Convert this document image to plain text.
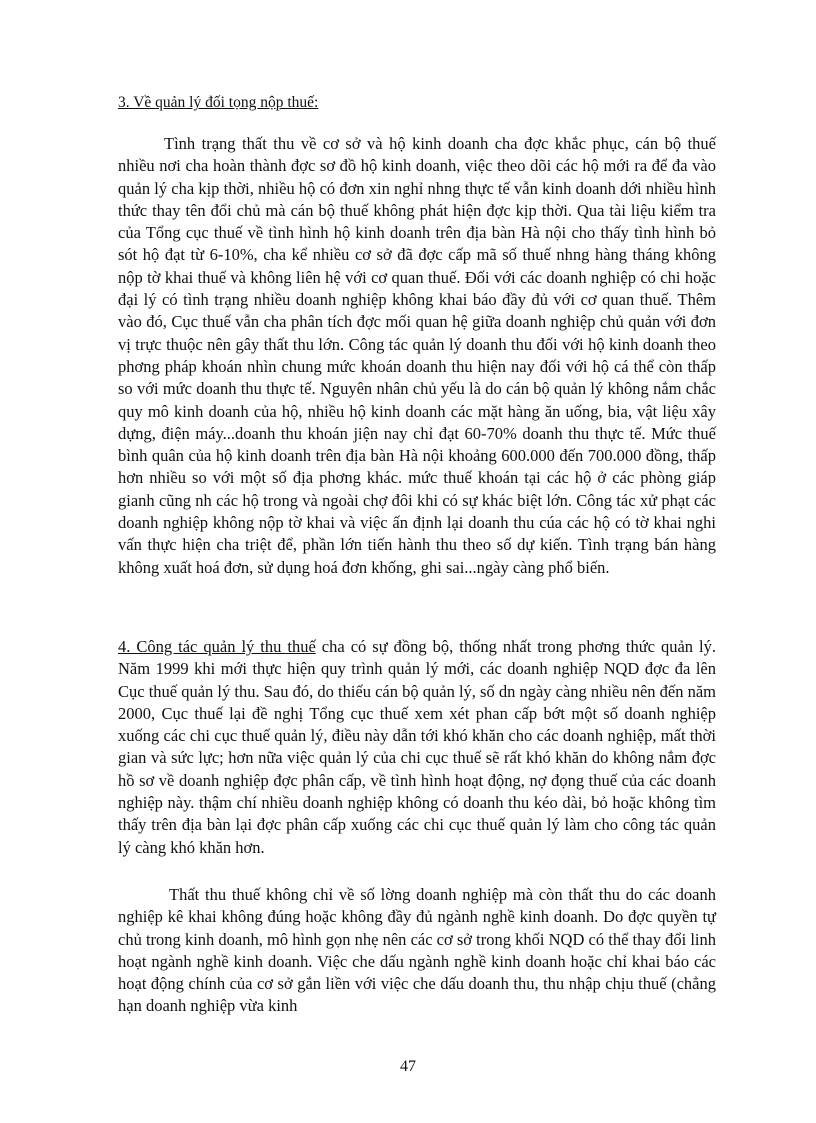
3. Về quản lý đối tọng nộp thuế:
Tình trạng thất thu về cơ sở và hộ kinh doanh cha đợc khắc phục, cán bộ thuế nhiều nơi cha hoàn thành đợc sơ đồ hộ kinh doanh, việc theo dõi các hộ mới ra để đa vào quản lý cha kịp thời, nhiều hộ có đơn xin nghỉ nhng thực tế vẫn kinh doanh dới nhiều hình thức thay tên đổi chủ mà cán bộ thuế không phát hiện đợc kịp thời. Qua tài liệu kiểm tra của Tổng cục thuế về tình hình hộ kinh doanh trên địa bàn Hà nội cho thấy tình hình bỏ sót hộ đạt từ 6-10%, cha kể nhiều cơ sở đã đợc cấp mã số thuế nhng hàng tháng không nộp tờ khai thuế và không liên hệ với cơ quan thuế. Đối với các doanh nghiệp có chi hoặc đại lý có tình trạng nhiều doanh nghiệp không khai báo đầy đủ với cơ quan thuế. Thêm vào đó, Cục thuế vẫn cha phân tích đợc mối quan hệ giữa doanh nghiệp chủ quản với đơn vị trực thuộc nên gây thất thu lớn. Công tác quản lý doanh thu đối với hộ kinh doanh theo phơng pháp khoán nhìn chung mức khoán doanh thu hiện nay đối với hộ cá thể còn thấp so với mức doanh thu thực tế. Nguyên nhân chủ yếu là do cán bộ quản lý không nắm chắc quy mô kinh doanh của hộ, nhiều hộ kinh doanh các mặt hàng ăn uống, bia, vật liệu xây dựng, điện máy...doanh thu khoán jiện nay chỉ đạt 60-70% doanh thu thực tế. Mức thuế bình quân của hộ kinh doanh trên địa bàn Hà nội khoảng 600.000 đến 700.000 đồng, thấp hơn nhiều so với một số địa phơng khác. mức thuế khoán tại các hộ ở các phòng giáp gianh cũng nh các hộ trong và ngoài chợ đôi khi có sự khác biệt lớn. Công tác xử phạt các doanh nghiệp không nộp tờ khai và việc ấn định lại doanh thu cúa các hộ có tờ khai nghi vấn thực hiện cha triệt để, phần lớn tiến hành thu theo số dự kiến. Tình trạng bán hàng không xuất hoá đơn, sử dụng hoá đơn khống, ghi sai...ngày càng phổ biến.
4. Công tác quản lý thu thuế cha có sự đồng bộ, thống nhất trong phơng thức quản lý. Năm 1999 khi mới thực hiện quy trình quản lý mới, các doanh nghiệp NQD đợc đa lên Cục thuế quản lý thu. Sau đó, do thiếu cán bộ quản lý, số dn ngày càng nhiều nên đến năm 2000, Cục thuế lại đề nghị Tổng cục thuế xem xét phan cấp bớt một số doanh nghiệp xuống các chi cục thuế quản lý, điều này dẫn tới khó khăn cho các doanh nghiệp, mất thời gian và sức lực; hơn nữa việc quản lý của chi cục thuế sẽ rất khó khăn do không nắm đợc hồ sơ về doanh nghiệp đợc phân cấp, về tình hình hoạt động, nợ đọng thuế của các doanh nghiệp này. thậm chí nhiều doanh nghiệp không có doanh thu kéo dài, bỏ hoặc không tìm thấy trên địa bàn lại đợc phân cấp xuống các chi cục thuế quản lý làm cho công tác quản lý càng khó khăn hơn.
Thất thu thuế không chỉ về số lờng doanh nghiệp mà còn thất thu do các doanh nghiệp kê khai không đúng hoặc không đầy đủ ngành nghề kinh doanh. Do đợc quyền tự chủ trong kinh doanh, mô hình gọn nhẹ nên các cơ sở trong khối NQD có thể thay đổi linh hoạt ngành nghề kinh doanh. Việc che dấu ngành nghề kinh doanh hoặc chỉ khai báo các hoạt động chính của cơ sở gắn liền với việc che dấu doanh thu, thu nhập chịu thuế (chẳng hạn doanh nghiệp vừa kinh
47
